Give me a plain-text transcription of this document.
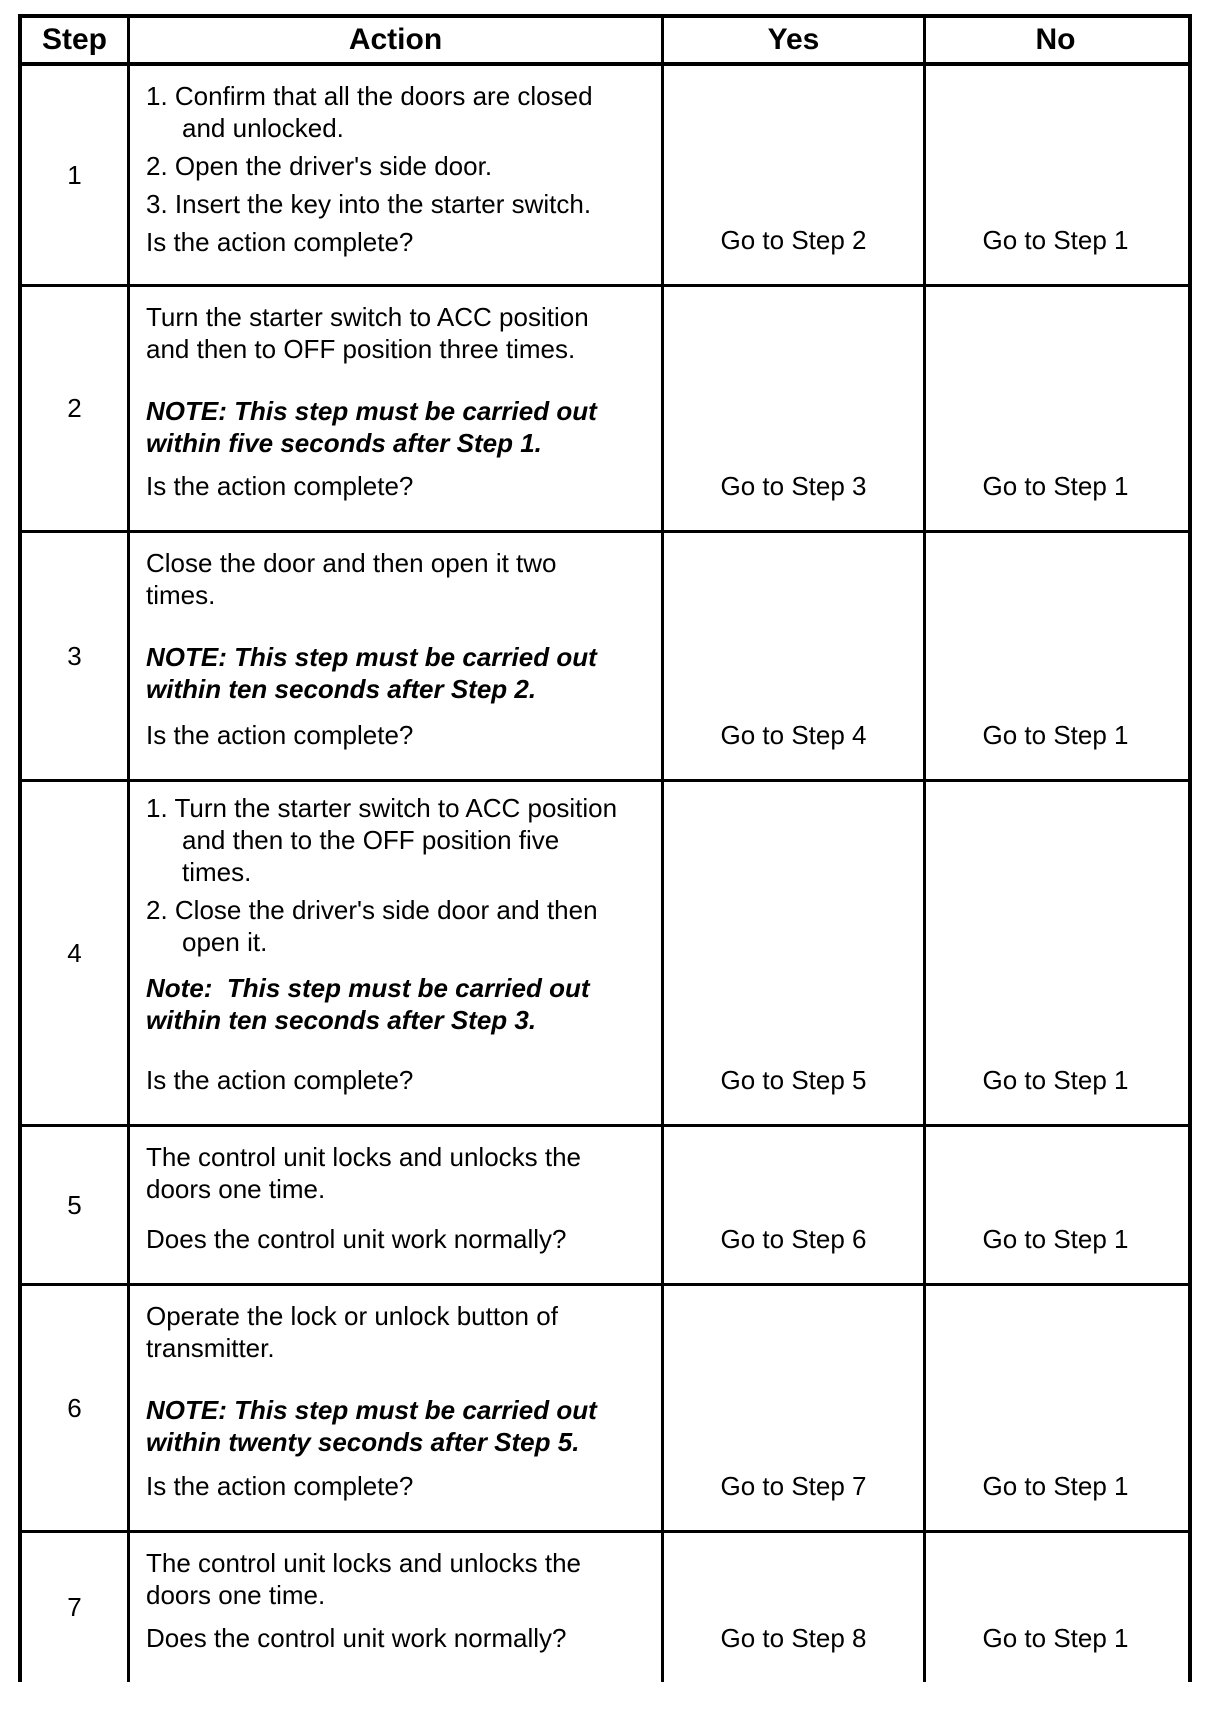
Step	Action	Yes	No
1
1. Confirm that all the doors are closed and unlocked.
2. Open the driver's side door.
3. Insert the key into the starter switch.
Is the action complete?	Go to Step 2	Go to Step 1
2
Turn the starter switch to ACC position and then to OFF position three times.
NOTE: This step must be carried out within five seconds after Step 1.
Is the action complete?	Go to Step 3	Go to Step 1
3
Close the door and then open it two times.
NOTE: This step must be carried out within ten seconds after Step 2.
Is the action complete?	Go to Step 4	Go to Step 1
4
1. Turn the starter switch to ACC position and then to the OFF position five times.
2. Close the driver's side door and then open it.
Note:  This step must be carried out within ten seconds after Step 3.
Is the action complete?	Go to Step 5	Go to Step 1
5
The control unit locks and unlocks the doors one time.
Does the control unit work normally?	Go to Step 6	Go to Step 1
6
Operate the lock or unlock button of transmitter.
NOTE: This step must be carried out within twenty seconds after Step 5.
Is the action complete?	Go to Step 7	Go to Step 1
7
The control unit locks and unlocks the doors one time.
Does the control unit work normally?	Go to Step 8	Go to Step 1
